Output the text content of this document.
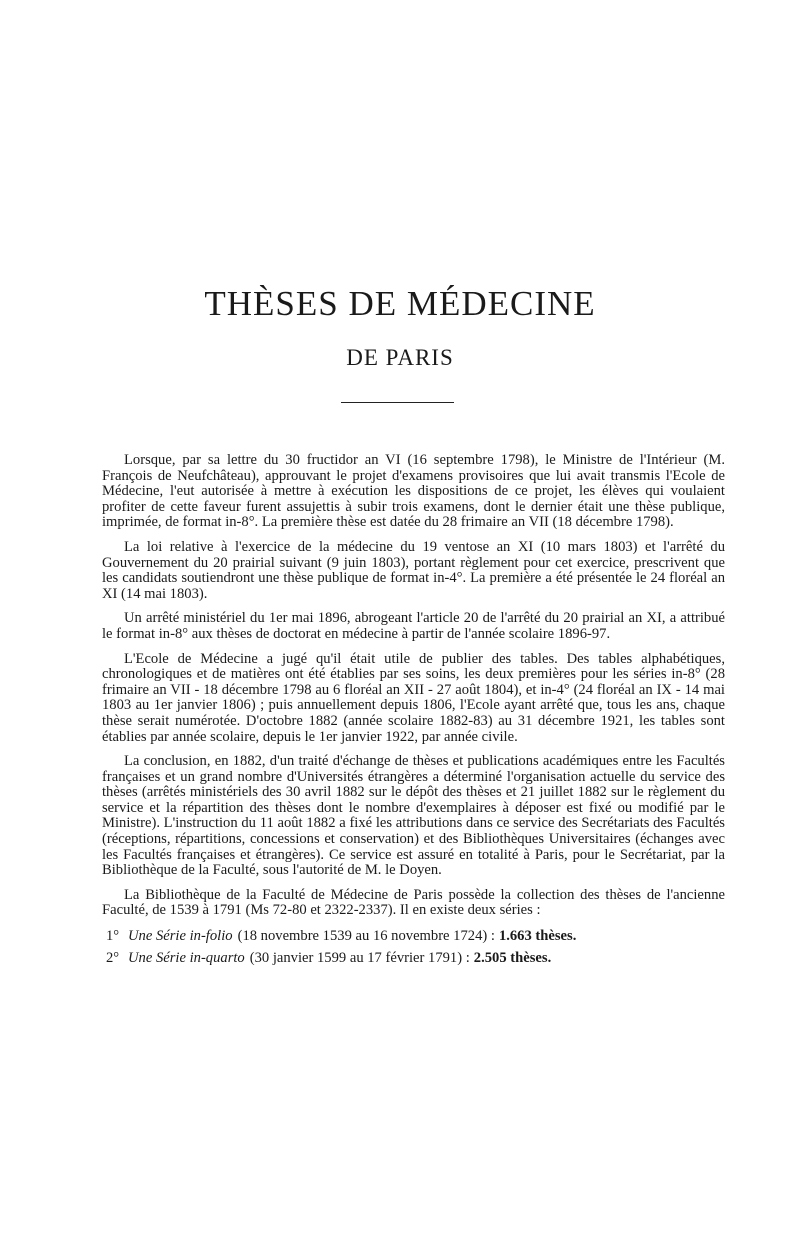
THÈSES DE MÉDECINE
DE PARIS

Lorsque, par sa lettre du 30 fructidor an VI (16 septembre 1798), le Ministre de l'Intérieur (M. François de Neufchâteau), approuvant le projet d'examens provisoires que lui avait transmis l'Ecole de Médecine, l'eut autorisée à mettre à exécution les dispositions de ce projet, les élèves qui voulaient profiter de cette faveur furent assujettis à subir trois examens, dont le dernier était une thèse publique, imprimée, de format in-8°. La première thèse est datée du 28 frimaire an VII (18 décembre 1798).

La loi relative à l'exercice de la médecine du 19 ventose an XI (10 mars 1803) et l'arrêté du Gouvernement du 20 prairial suivant (9 juin 1803), portant règlement pour cet exercice, prescrivent que les candidats soutiendront une thèse publique de format in-4°. La première a été présentée le 24 floréal an XI (14 mai 1803).

Un arrêté ministériel du 1er mai 1896, abrogeant l'article 20 de l'arrêté du 20 prairial an XI, a attribué le format in-8° aux thèses de doctorat en médecine à partir de l'année scolaire 1896-97.

L'Ecole de Médecine a jugé qu'il était utile de publier des tables. Des tables alphabétiques, chronologiques et de matières ont été établies par ses soins, les deux premières pour les séries in-8° (28 frimaire an VII - 18 décembre 1798 au 6 floréal an XII - 27 août 1804), et in-4° (24 floréal an IX - 14 mai 1803 au 1er janvier 1806) ; puis annuellement depuis 1806, l'Ecole ayant arrêté que, tous les ans, chaque thèse serait numérotée. D'octobre 1882 (année scolaire 1882-83) au 31 décembre 1921, les tables sont établies par année scolaire, depuis le 1er janvier 1922, par année civile.

La conclusion, en 1882, d'un traité d'échange de thèses et publications académiques entre les Facultés françaises et un grand nombre d'Universités étrangères a déterminé l'organisation actuelle du service des thèses (arrêtés ministériels des 30 avril 1882 sur le dépôt des thèses et 21 juillet 1882 sur le règlement du service et la répartition des thèses dont le nombre d'exemplaires à déposer est fixé ou modifié par le Ministre). L'instruction du 11 août 1882 a fixé les attributions dans ce service des Secrétariats des Facultés (réceptions, répartitions, concessions et conservation) et des Bibliothèques Universitaires (échanges avec les Facultés françaises et étrangères). Ce service est assuré en totalité à Paris, pour le Secrétariat, par la Bibliothèque de la Faculté, sous l'autorité de M. le Doyen.

La Bibliothèque de la Faculté de Médecine de Paris possède la collection des thèses de l'ancienne Faculté, de 1539 à 1791 (Ms 72-80 et 2322-2337). Il en existe deux séries :

1° Une Série in-folio (18 novembre 1539 au 16 novembre 1724) : 1.663 thèses.
2° Une Série in-quarto (30 janvier 1599 au 17 février 1791) : 2.505 thèses.
